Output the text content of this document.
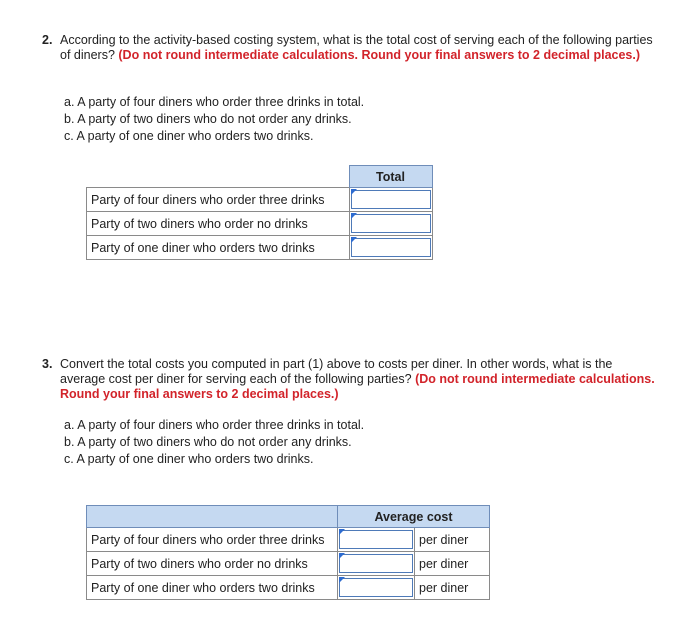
2. According to the activity-based costing system, what is the total cost of serving each of the following parties of diners? (Do not round intermediate calculations. Round your final answers to 2 decimal places.)
a. A party of four diners who order three drinks in total.
b. A party of two diners who do not order any drinks.
c. A party of one diner who orders two drinks.
	Total
Party of four diners who order three drinks	

Party of two diners who order no drinks	

Party of one diner who orders two drinks	
3. Convert the total costs you computed in part (1) above to costs per diner. In other words, what is the average cost per diner for serving each of the following parties? (Do not round intermediate calculations. Round your final answers to 2 decimal places.)
a. A party of four diners who order three drinks in total.
b. A party of two diners who do not order any drinks.
c. A party of one diner who orders two drinks.
	Average cost	
Party of four diners who order three drinks		per diner
Party of two diners who order no drinks		per diner
Party of one diner who orders two drinks		per diner
